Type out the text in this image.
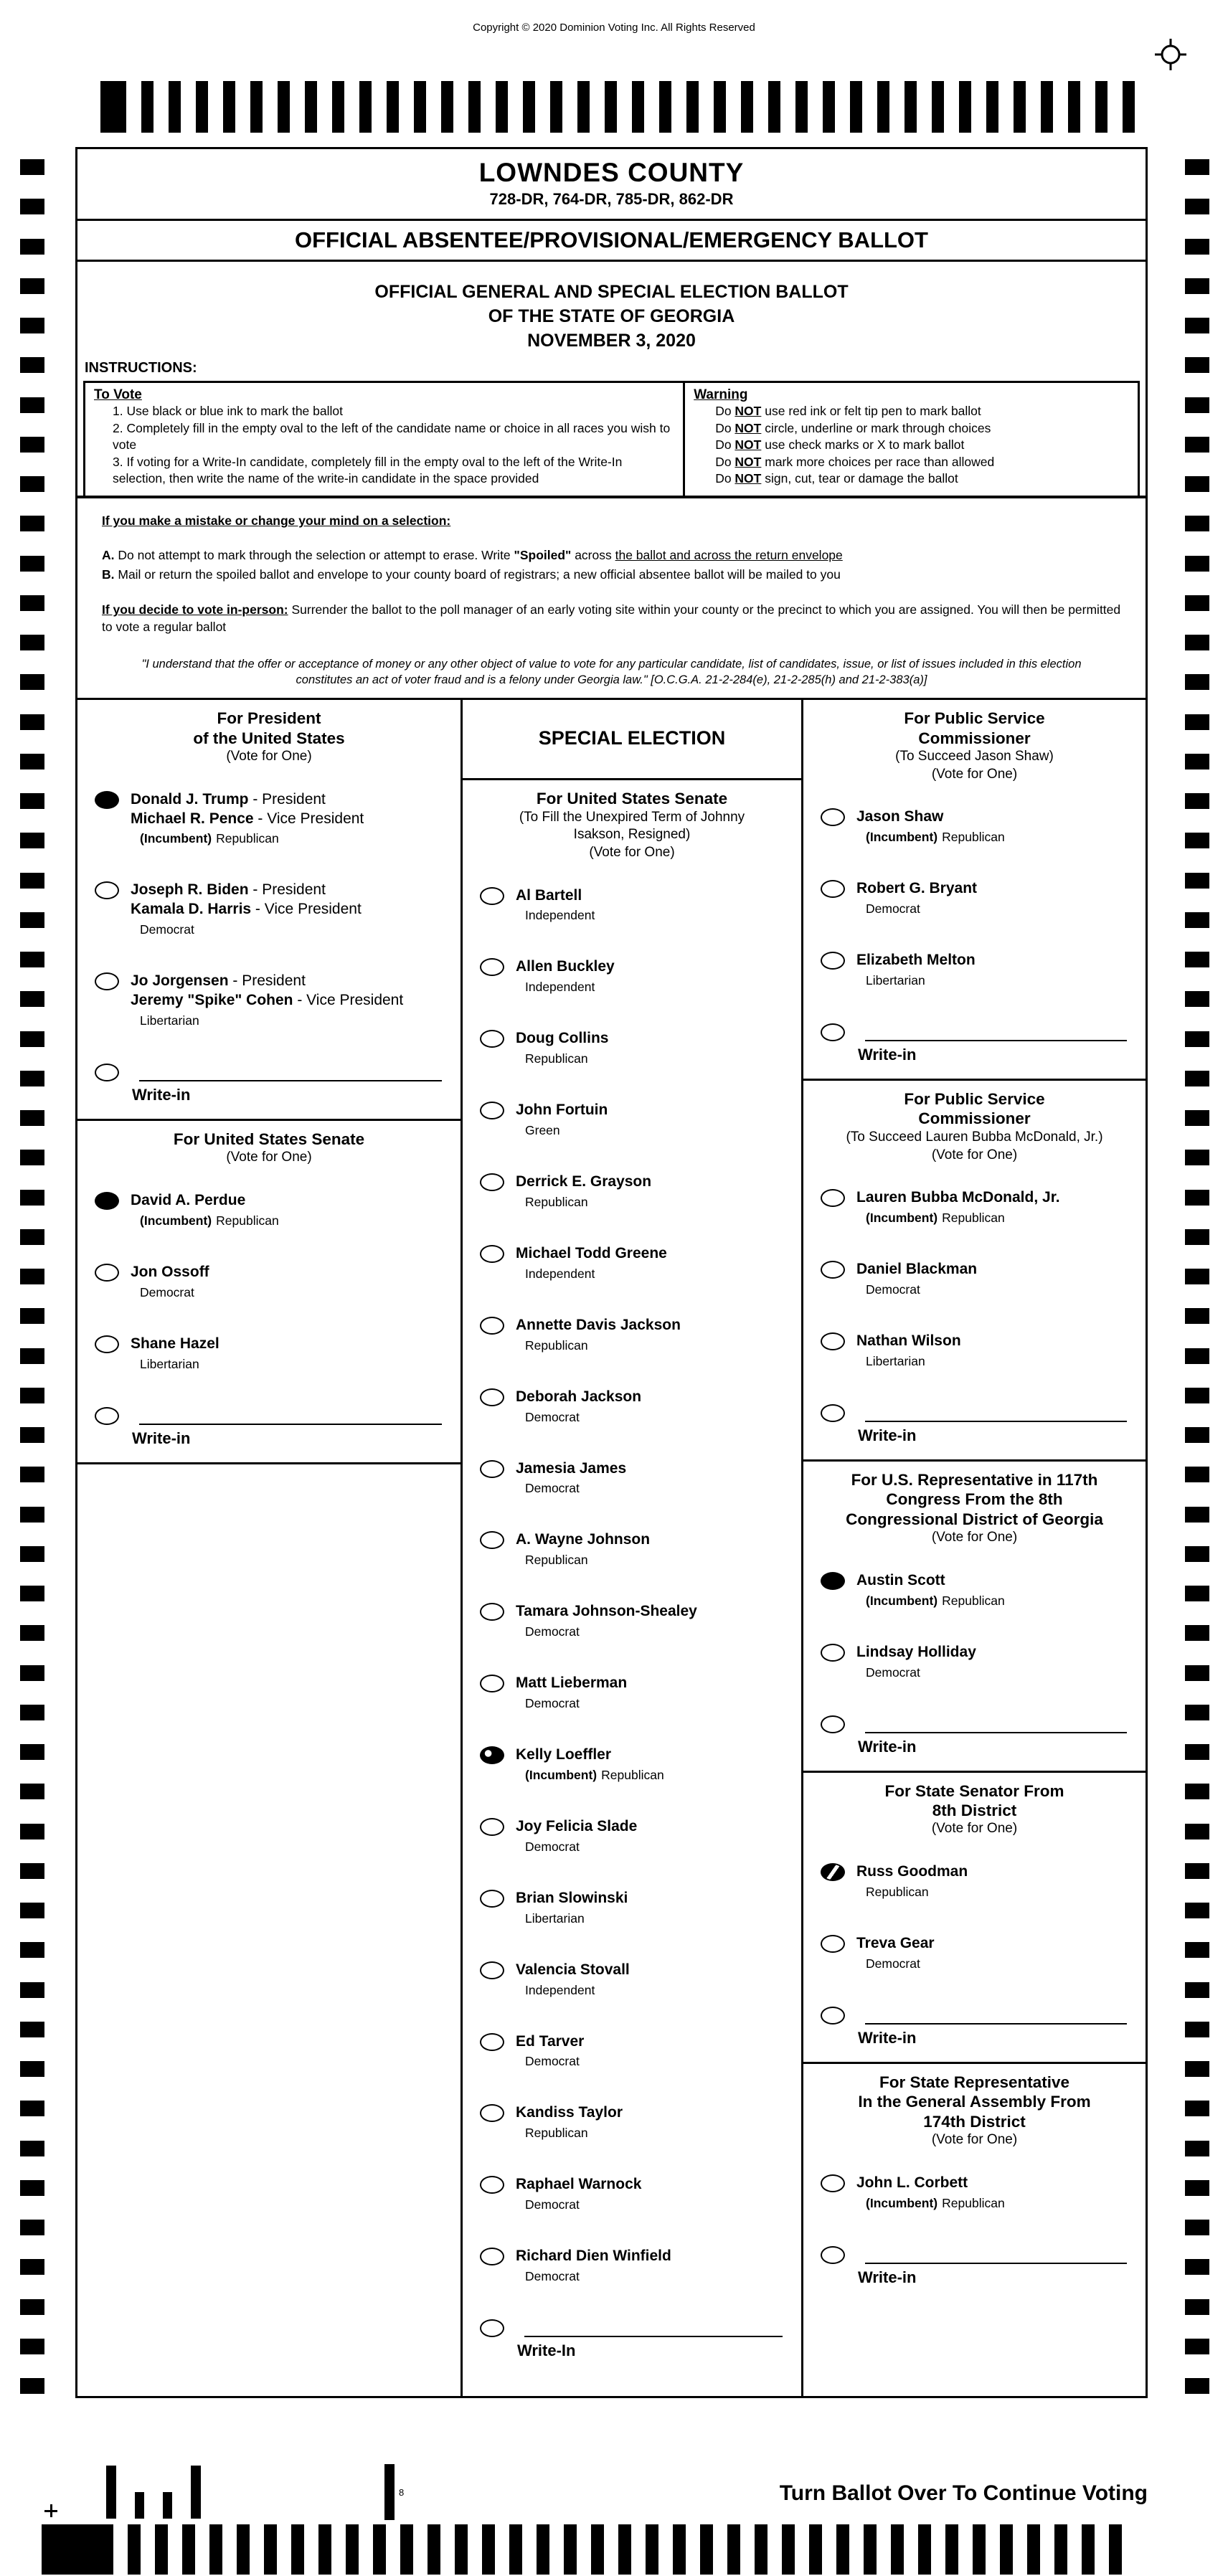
Copyright © 2020 Dominion Voting Inc. All Rights Reserved
LOWNDES COUNTY
728-DR, 764-DR, 785-DR, 862-DR
OFFICIAL ABSENTEE/PROVISIONAL/EMERGENCY BALLOT
OFFICIAL GENERAL AND SPECIAL ELECTION BALLOT
OF THE STATE OF GEORGIA
NOVEMBER 3, 2020
INSTRUCTIONS:
To Vote
1. Use black or blue ink to mark the ballot
2. Completely fill in the empty oval to the left of the candidate name or choice in all races you wish to vote
3. If voting for a Write-In candidate, completely fill in the empty oval to the left of the Write-In selection, then write the name of the write-in candidate in the space provided
Warning
Do NOT use red ink or felt tip pen to mark ballot
Do NOT circle, underline or mark through choices
Do NOT use check marks or X to mark ballot
Do NOT mark more choices per race than allowed
Do NOT sign, cut, tear or damage the ballot
If you make a mistake or change your mind on a selection:
A. Do not attempt to mark through the selection or attempt to erase. Write "Spoiled" across the ballot and across the return envelope
B. Mail or return the spoiled ballot and envelope to your county board of registrars; a new official absentee ballot will be mailed to you
If you decide to vote in-person: Surrender the ballot to the poll manager of an early voting site within your county or the precinct to which you are assigned. You will then be permitted to vote a regular ballot
"I understand that the offer or acceptance of money or any other object of value to vote for any particular candidate, list of candidates, issue, or list of issues included in this election constitutes an act of voter fraud and is a felony under Georgia law." [O.C.G.A. 21-2-284(e), 21-2-285(h) and 21-2-383(a)]
For President
of the United States
(Vote for One)
Donald J. Trump - President
Michael R. Pence - Vice President
(Incumbent) Republican
Joseph R. Biden - President
Kamala D. Harris - Vice President
Democrat
Jo Jorgensen - President
Jeremy "Spike" Cohen - Vice President
Libertarian
Write-in
For United States Senate
(Vote for One)
David A. Perdue
(Incumbent) Republican
Jon Ossoff
Democrat
Shane Hazel
Libertarian
Write-in
SPECIAL ELECTION
For United States Senate
(To Fill the Unexpired Term of Johnny
Isakson, Resigned)
(Vote for One)
Al Bartell
Independent
Allen Buckley
Independent
Doug Collins
Republican
John Fortuin
Green
Derrick E. Grayson
Republican
Michael Todd Greene
Independent
Annette Davis Jackson
Republican
Deborah Jackson
Democrat
Jamesia James
Democrat
A. Wayne Johnson
Republican
Tamara Johnson-Shealey
Democrat
Matt Lieberman
Democrat
Kelly Loeffler
(Incumbent) Republican
Joy Felicia Slade
Democrat
Brian Slowinski
Libertarian
Valencia Stovall
Independent
Ed Tarver
Democrat
Kandiss Taylor
Republican
Raphael Warnock
Democrat
Richard Dien Winfield
Democrat
Write-In
For Public Service
Commissioner
(To Succeed Jason Shaw)
(Vote for One)
Jason Shaw
(Incumbent) Republican
Robert G. Bryant
Democrat
Elizabeth Melton
Libertarian
Write-in
For Public Service
Commissioner
(To Succeed Lauren Bubba McDonald, Jr.)
(Vote for One)
Lauren Bubba McDonald, Jr.
(Incumbent) Republican
Daniel Blackman
Democrat
Nathan Wilson
Libertarian
Write-in
For U.S. Representative in 117th
Congress From the 8th
Congressional District of Georgia
(Vote for One)
Austin Scott
(Incumbent) Republican
Lindsay Holliday
Democrat
Write-in
For State Senator From
8th District
(Vote for One)
Russ Goodman
Republican
Treva Gear
Democrat
Write-in
For State Representative
In the General Assembly From
174th District
(Vote for One)
John L. Corbett
(Incumbent) Republican
Write-in
8	Turn Ballot Over To Continue Voting
